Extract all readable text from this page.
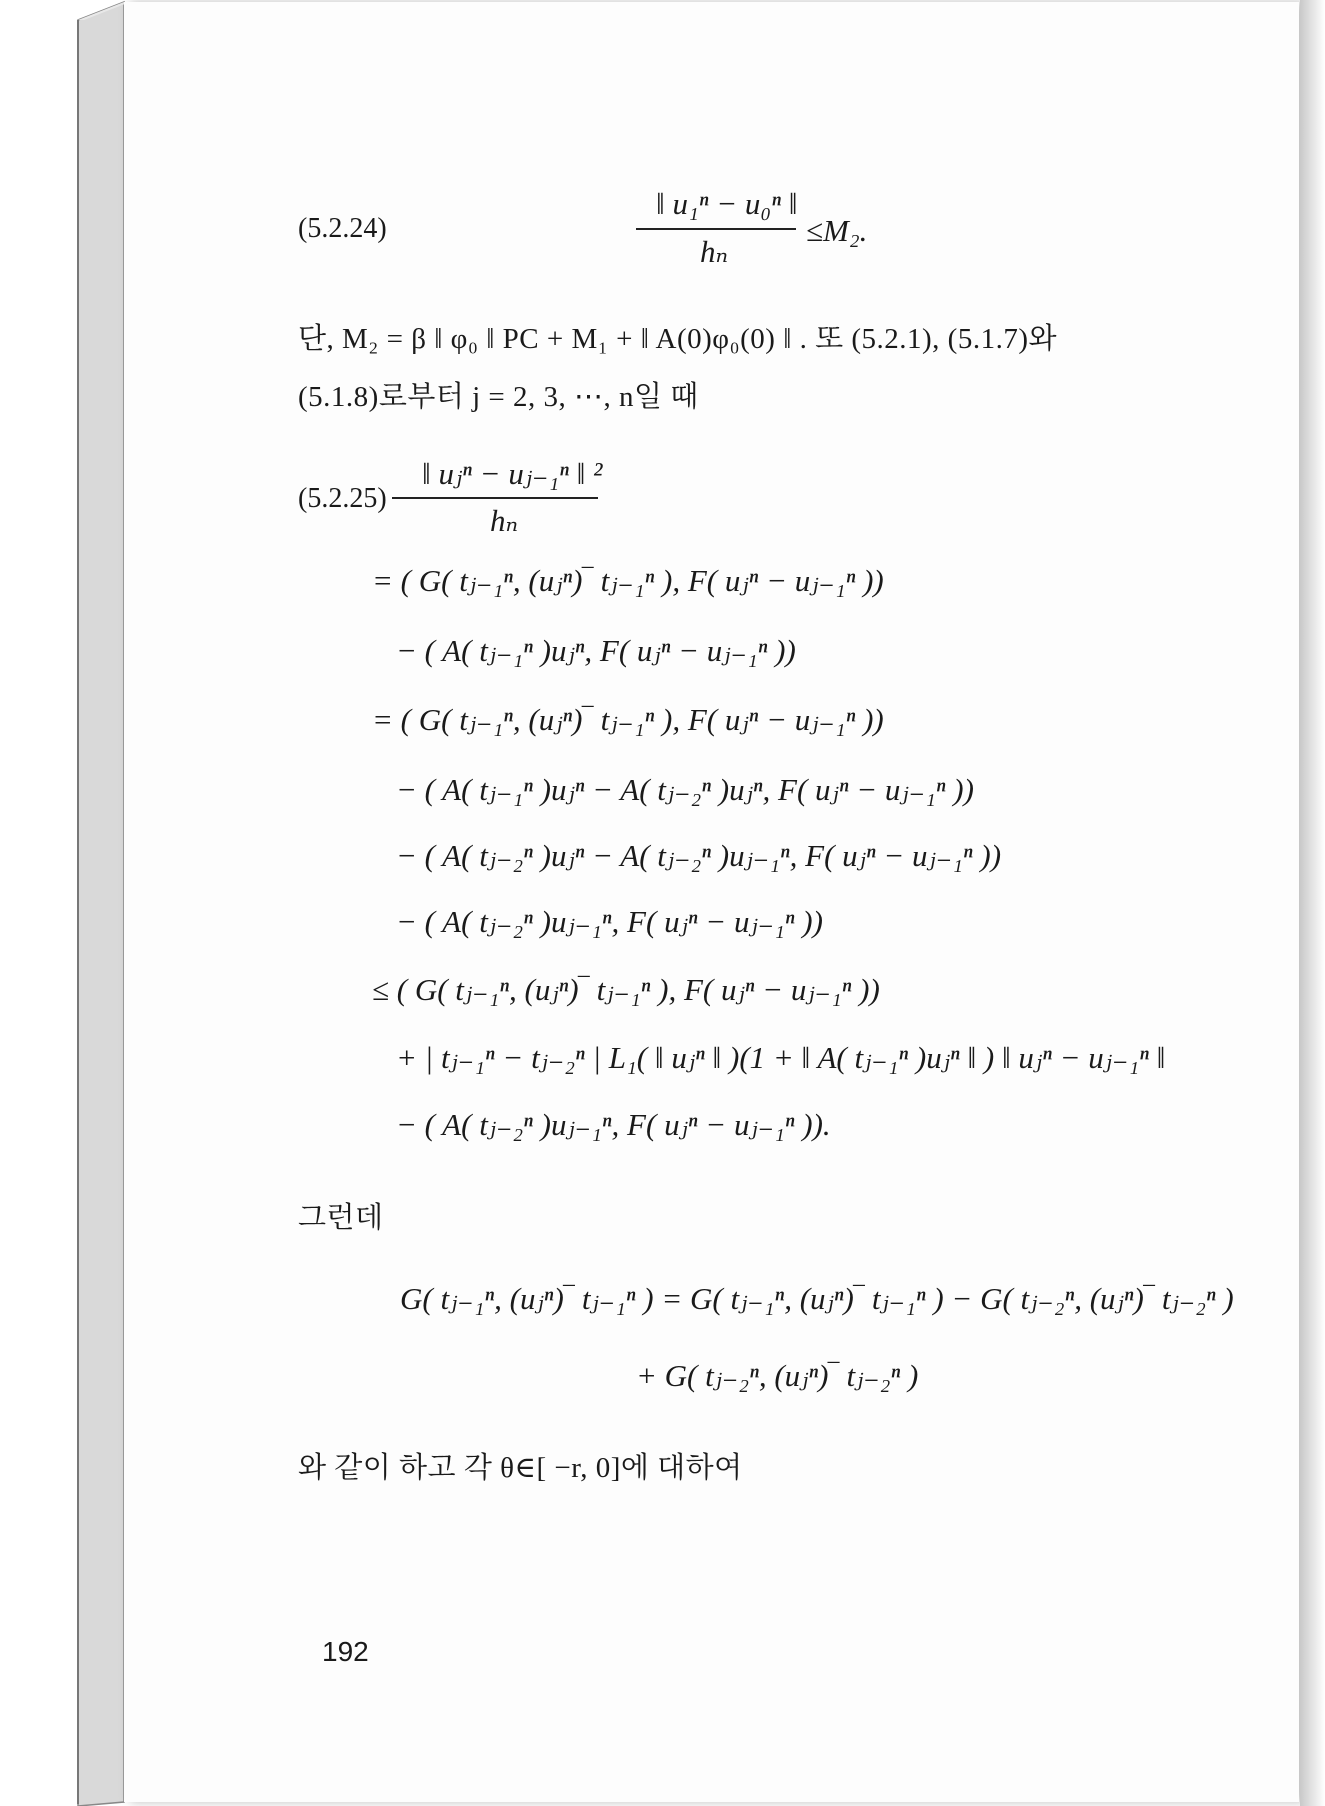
(5.2.24)
‖ u₁ⁿ − u₀ⁿ ‖
hₙ
≤M₂.
단, M₂ = β ‖ φ₀ ‖ PC + M₁ + ‖ A(0)φ₀(0) ‖ . 또 (5.2.1), (5.1.7)와
(5.1.8)로부터 j = 2, 3, ⋯, n일 때
(5.2.25)
‖ uⱼⁿ − uⱼ₋₁ⁿ ‖ ²
hₙ
= ( G( tⱼ₋₁ⁿ, (uⱼⁿ)‾ tⱼ₋₁ⁿ ), F( uⱼⁿ − uⱼ₋₁ⁿ ))
− ( A( tⱼ₋₁ⁿ )uⱼⁿ, F( uⱼⁿ − uⱼ₋₁ⁿ ))
= ( G( tⱼ₋₁ⁿ, (uⱼⁿ)‾ tⱼ₋₁ⁿ ), F( uⱼⁿ − uⱼ₋₁ⁿ ))
− ( A( tⱼ₋₁ⁿ )uⱼⁿ − A( tⱼ₋₂ⁿ )uⱼⁿ, F( uⱼⁿ − uⱼ₋₁ⁿ ))
− ( A( tⱼ₋₂ⁿ )uⱼⁿ − A( tⱼ₋₂ⁿ )uⱼ₋₁ⁿ, F( uⱼⁿ − uⱼ₋₁ⁿ ))
− ( A( tⱼ₋₂ⁿ )uⱼ₋₁ⁿ, F( uⱼⁿ − uⱼ₋₁ⁿ ))
≤ ( G( tⱼ₋₁ⁿ, (uⱼⁿ)‾ tⱼ₋₁ⁿ ), F( uⱼⁿ − uⱼ₋₁ⁿ ))
+ | tⱼ₋₁ⁿ − tⱼ₋₂ⁿ | L₁( ‖ uⱼⁿ ‖ )(1 + ‖ A( tⱼ₋₁ⁿ )uⱼⁿ ‖ ) ‖ uⱼⁿ − uⱼ₋₁ⁿ ‖
− ( A( tⱼ₋₂ⁿ )uⱼ₋₁ⁿ, F( uⱼⁿ − uⱼ₋₁ⁿ )).
그런데
G( tⱼ₋₁ⁿ, (uⱼⁿ)‾ tⱼ₋₁ⁿ ) = G( tⱼ₋₁ⁿ, (uⱼⁿ)‾ tⱼ₋₁ⁿ ) − G( tⱼ₋₂ⁿ, (uⱼⁿ)‾ tⱼ₋₂ⁿ )
+ G( tⱼ₋₂ⁿ, (uⱼⁿ)‾ tⱼ₋₂ⁿ )
와 같이 하고 각 θ∈[ −r, 0]에 대하여
192
